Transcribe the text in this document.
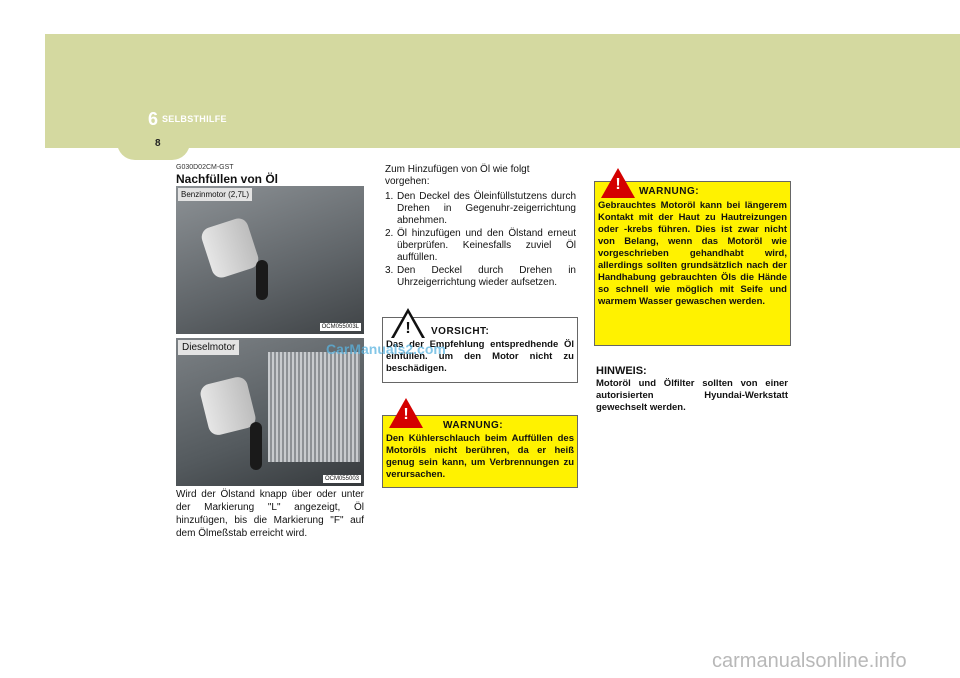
6 SELBSTHILFE
8
G030D02CM-GST
Nachfüllen von Öl
Benzinmotor (2,7L)
OCM055003L
Dieselmotor
OCM055003
Wird der Ölstand knapp über oder unter der Markierung "L" angezeigt, Öl hinzufügen, bis die Markierung "F" auf dem Ölmeßstab erreicht wird.

Zum Hinzufügen von Öl wie folgt vorgehen:

1. Den Deckel des Öleinfüllstutzens durch Drehen in Gegenuhr-zeigerrichtung abnehmen.
2. Öl hinzufügen und den Ölstand erneut überprüfen. Keinesfalls zuviel Öl auffüllen.
3. Den Deckel durch Drehen in Uhrzeigerrichtung wieder aufsetzen.
!	VORSICHT:
Das der Empfehlung entspredhende Öl einfüllen. um den Motor nicht zu beschädigen.
!
WARNUNG:
Den Kühlerschlauch beim Auffüllen des Motoröls nicht berühren, da er heiß genug sein kann, um Verbrennungen zu verursachen.
!	WARNUNG:
Gebrauchtes Motoröl kann bei längerem Kontakt mit der Haut zu Hautreizungen oder -krebs führen. Dies ist zwar nicht von Belang, wenn das Motoröl wie vorgeschrieben gehandhabt wird, allerdings sollten grundsätzlich nach der Handhabung gebrauchten Öls die Hände so schnell wie möglich mit Seife und warmem Wasser gewaschen werden.
HINWEIS:
Motoröl und Ölfilter sollten von einer autorisierten Hyundai-Werkstatt gewechselt werden.
CarManuals2.com
carmanualsonline.info
